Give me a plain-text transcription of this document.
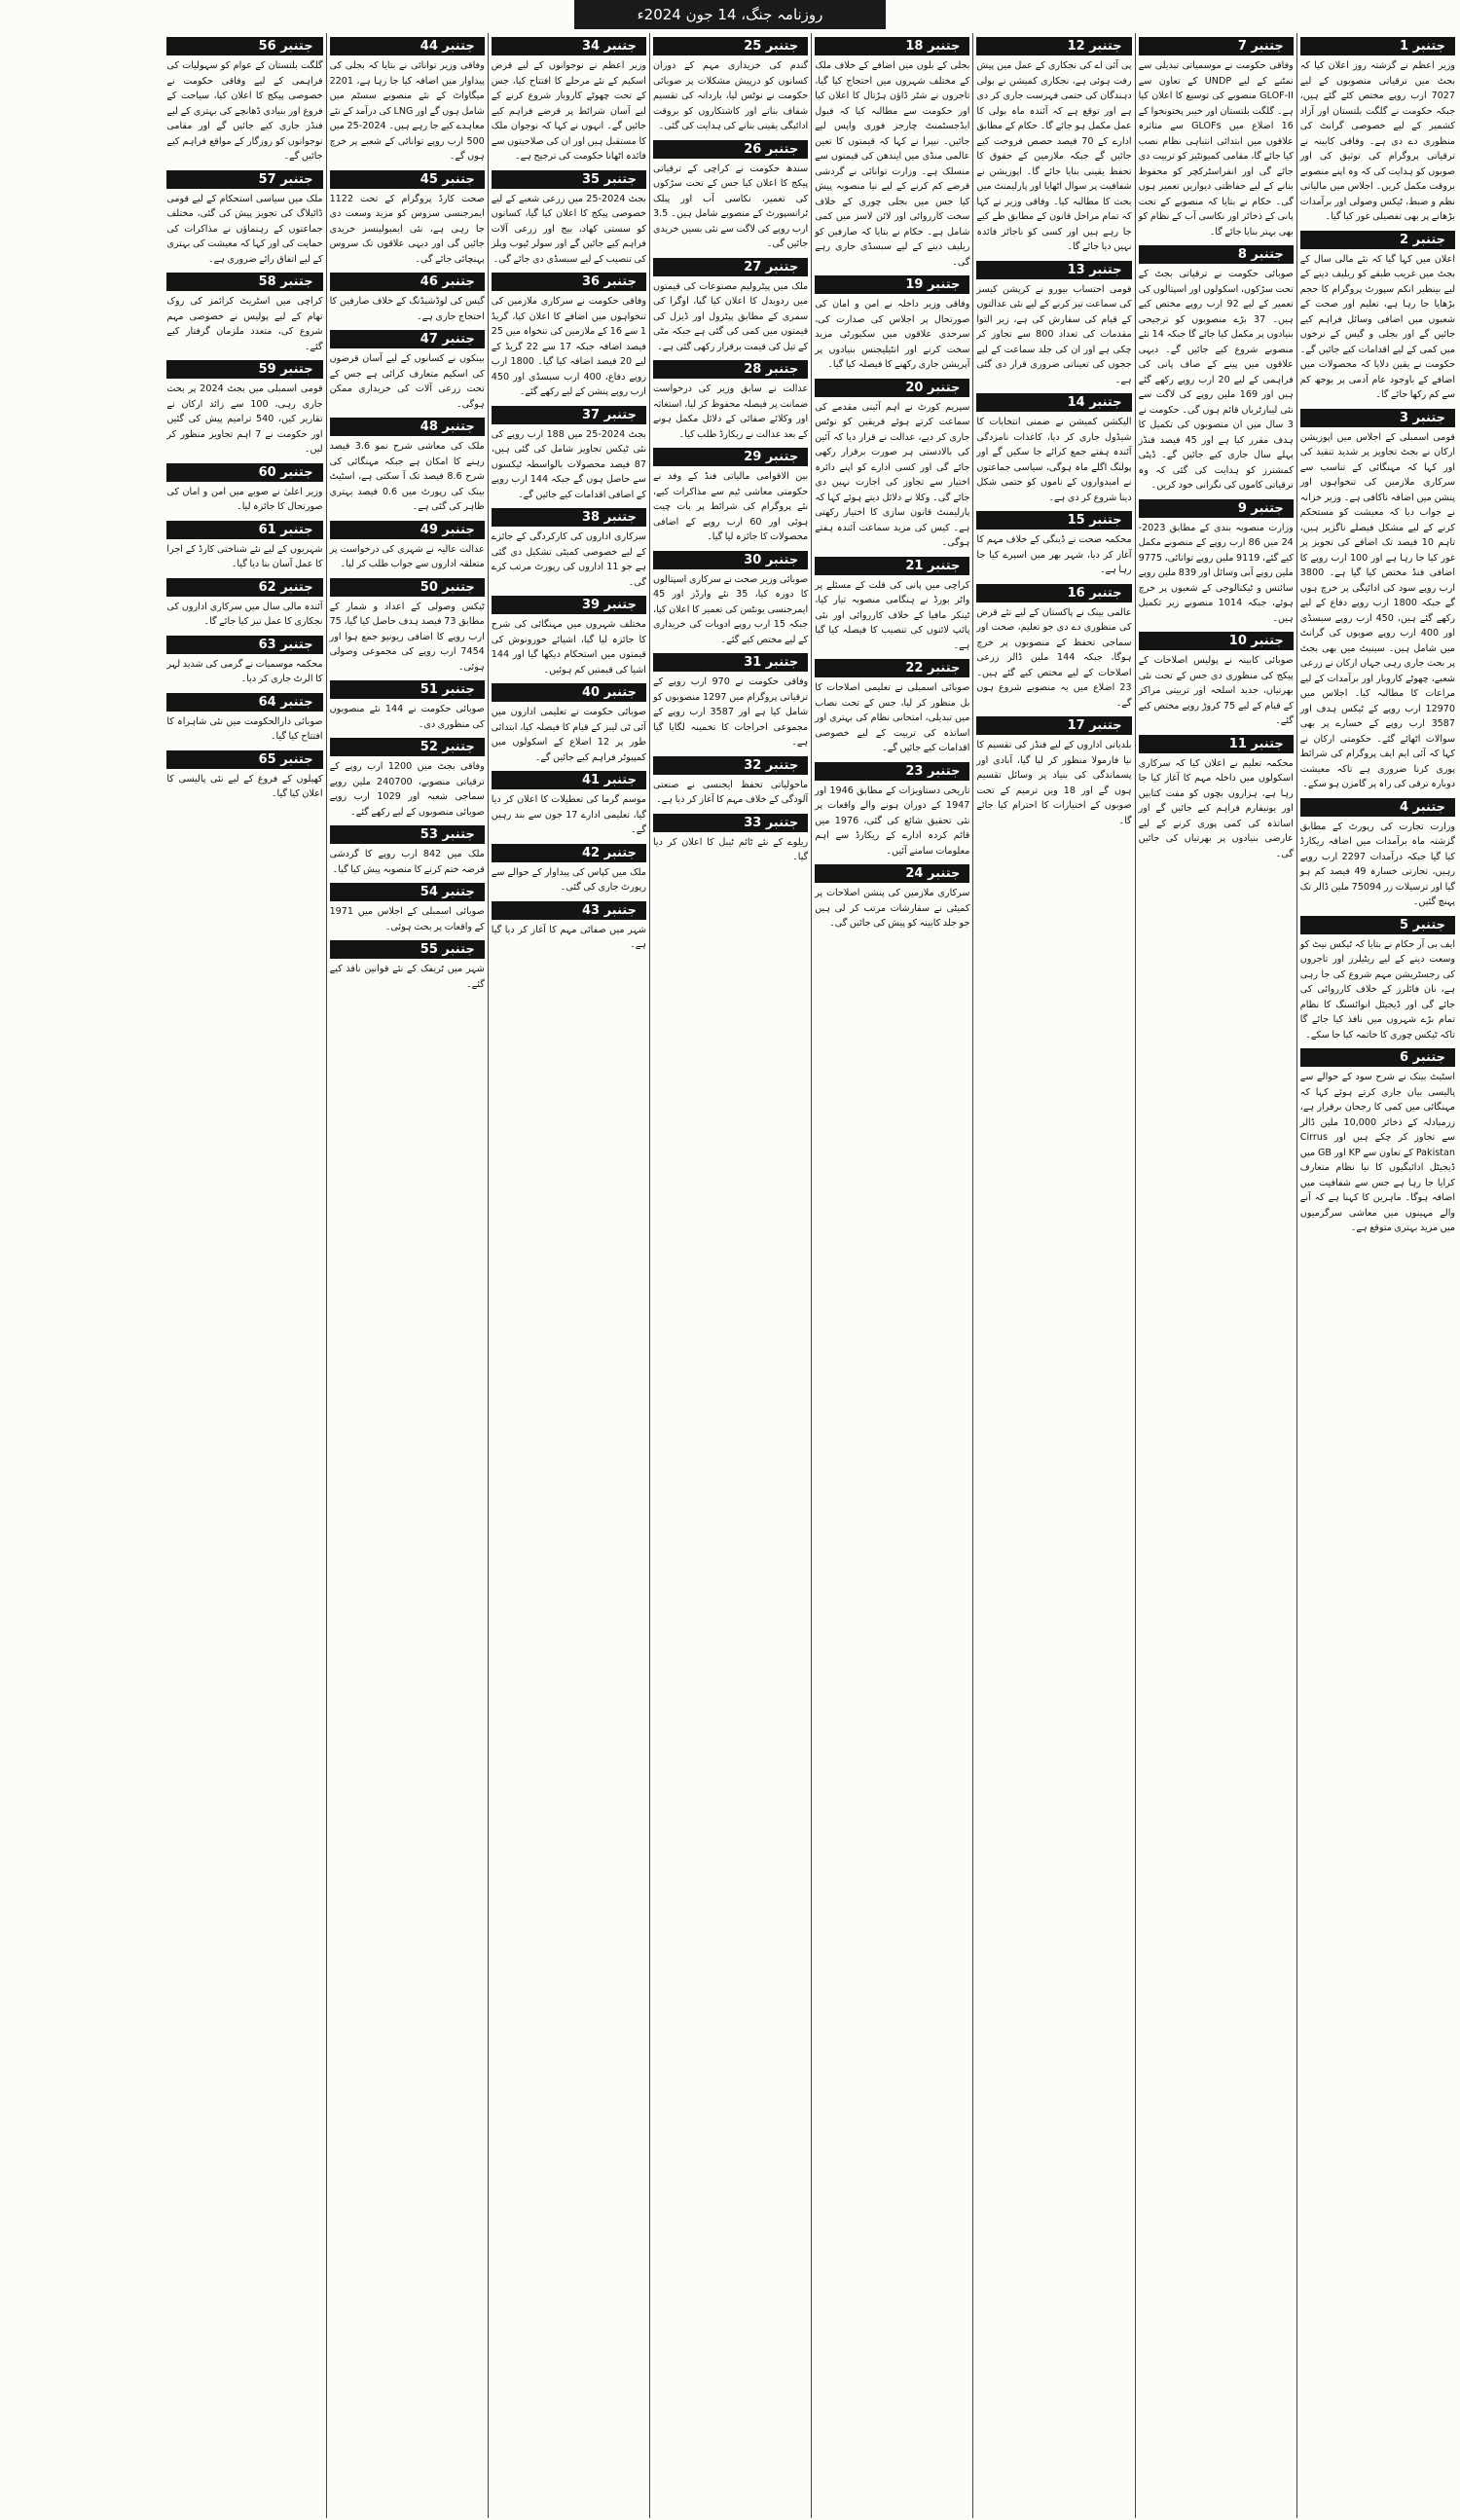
روزنامہ جنگ، 14 جون 2024ء
جتنبر 1
وزیر اعظم نے گزشتہ روز اعلان کیا کہ بجٹ میں ترقیاتی منصوبوں کے لیے 7027 ارب روپے مختص کئے گئے ہیں، جبکہ حکومت نے گلگت بلتستان اور آزاد کشمیر کے لیے خصوصی گرانٹ کی منظوری دے دی ہے۔ وفاقی کابینہ نے ترقیاتی پروگرام کی توثیق کی اور صوبوں کو ہدایت کی کہ وہ اپنے منصوبے بروقت مکمل کریں۔ اجلاس میں مالیاتی نظم و ضبط، ٹیکس وصولی اور برآمدات بڑھانے پر بھی تفصیلی غور کیا گیا۔
جتنبر 2
اعلان میں کہا گیا کہ نئے مالی سال کے بجٹ میں غریب طبقے کو ریلیف دینے کے لیے بینظیر انکم سپورٹ پروگرام کا حجم بڑھایا جا رہا ہے، تعلیم اور صحت کے شعبوں میں اضافی وسائل فراہم کیے جائیں گے اور بجلی و گیس کے نرخوں میں کمی کے لیے اقدامات کیے جائیں گے۔ حکومت نے یقین دلایا کہ محصولات میں اضافے کے باوجود عام آدمی پر بوجھ کم سے کم رکھا جائے گا۔
جتنبر 3
قومی اسمبلی کے اجلاس میں اپوزیشن ارکان نے بجٹ تجاویز پر شدید تنقید کی اور کہا کہ مہنگائی کے تناسب سے سرکاری ملازمین کی تنخواہوں اور پنشن میں اضافہ ناکافی ہے۔ وزیر خزانہ نے جواب دیا کہ معیشت کو مستحکم کرنے کے لیے مشکل فیصلے ناگزیر ہیں، تاہم 10 فیصد تک اضافے کی تجویز پر غور کیا جا رہا ہے اور 100 ارب روپے کا اضافی فنڈ مختص کیا گیا ہے۔ 3800 ارب روپے سود کی ادائیگی پر خرچ ہوں گے جبکہ 1800 ارب روپے دفاع کے لیے رکھے گئے ہیں، 450 ارب روپے سبسڈی اور 400 ارب روپے صوبوں کی گرانٹ میں شامل ہیں۔ سینیٹ میں بھی بجٹ پر بحث جاری رہی جہاں ارکان نے زرعی شعبے، چھوٹے کاروبار اور برآمدات کے لیے مراعات کا مطالبہ کیا۔ اجلاس میں 12970 ارب روپے کے ٹیکس ہدف اور 3587 ارب روپے کے خسارے پر بھی سوالات اٹھائے گئے۔ حکومتی ارکان نے کہا کہ آئی ایم ایف پروگرام کی شرائط پوری کرنا ضروری ہے تاکہ معیشت دوبارہ ترقی کی راہ پر گامزن ہو سکے۔
جتنبر 4
وزارت تجارت کی رپورٹ کے مطابق گزشتہ ماہ برآمدات میں اضافہ ریکارڈ کیا گیا جبکہ درآمدات 2297 ارب روپے رہیں، تجارتی خسارہ 49 فیصد کم ہو گیا اور ترسیلات زر 75094 ملین ڈالر تک پہنچ گئیں۔
جتنبر 5
ایف بی آر حکام نے بتایا کہ ٹیکس نیٹ کو وسعت دینے کے لیے ریٹیلرز اور تاجروں کی رجسٹریشن مہم شروع کی جا رہی ہے، نان فائلرز کے خلاف کارروائی کی جائے گی اور ڈیجیٹل انوائسنگ کا نظام تمام بڑے شہروں میں نافذ کیا جائے گا تاکہ ٹیکس چوری کا خاتمہ کیا جا سکے۔
جتنبر 6
اسٹیٹ بینک نے شرح سود کے حوالے سے پالیسی بیان جاری کرتے ہوئے کہا کہ مہنگائی میں کمی کا رجحان برقرار ہے، زرمبادلہ کے ذخائر 10,000 ملین ڈالر سے تجاوز کر چکے ہیں اور Cirrus Pakistan کے تعاون سے KP اور GB میں ڈیجیٹل ادائیگیوں کا نیا نظام متعارف کرایا جا رہا ہے جس سے شفافیت میں اضافہ ہوگا۔ ماہرین کا کہنا ہے کہ آنے والے مہینوں میں معاشی سرگرمیوں میں مزید بہتری متوقع ہے۔
جتنبر 7
وفاقی حکومت نے موسمیاتی تبدیلی سے نمٹنے کے لیے UNDP کے تعاون سے GLOF-II منصوبے کی توسیع کا اعلان کیا ہے۔ گلگت بلتستان اور خیبر پختونخوا کے 16 اضلاع میں GLOFs سے متاثرہ علاقوں میں ابتدائی انتباہی نظام نصب کیا جائے گا، مقامی کمیونٹیز کو تربیت دی جائے گی اور انفراسٹرکچر کو محفوظ بنانے کے لیے حفاظتی دیواریں تعمیر ہوں گی۔ حکام نے بتایا کہ منصوبے کے تحت پانی کے ذخائر اور نکاسی آب کے نظام کو بھی بہتر بنایا جائے گا۔
جتنبر 8
صوبائی حکومت نے ترقیاتی بجٹ کے تحت سڑکوں، اسکولوں اور اسپتالوں کی تعمیر کے لیے 92 ارب روپے مختص کیے ہیں۔ 37 بڑے منصوبوں کو ترجیحی بنیادوں پر مکمل کیا جائے گا جبکہ 14 نئے منصوبے شروع کیے جائیں گے۔ دیہی علاقوں میں پینے کے صاف پانی کی فراہمی کے لیے 20 ارب روپے رکھے گئے ہیں اور 169 ملین روپے کی لاگت سے نئی لیبارٹریاں قائم ہوں گی۔ حکومت نے 3 سال میں ان منصوبوں کی تکمیل کا ہدف مقرر کیا ہے اور 45 فیصد فنڈز پہلے سال جاری کیے جائیں گے۔ ڈپٹی کمشنرز کو ہدایت کی گئی کہ وہ ترقیاتی کاموں کی نگرانی خود کریں۔
جتنبر 9
وزارت منصوبہ بندی کے مطابق 2023-24 میں 86 ارب روپے کے منصوبے مکمل کیے گئے، 9119 ملین روپے توانائی، 9775 ملین روپے آبی وسائل اور 839 ملین روپے سائنس و ٹیکنالوجی کے شعبوں پر خرچ ہوئے، جبکہ 1014 منصوبے زیر تکمیل ہیں۔
جتنبر 10
صوبائی کابینہ نے پولیس اصلاحات کے پیکج کی منظوری دی جس کے تحت نئی بھرتیاں، جدید اسلحہ اور تربیتی مراکز کے قیام کے لیے 75 کروڑ روپے مختص کیے گئے۔
جتنبر 11
محکمہ تعلیم نے اعلان کیا کہ سرکاری اسکولوں میں داخلہ مہم کا آغاز کیا جا رہا ہے، ہزاروں بچوں کو مفت کتابیں اور یونیفارم فراہم کیے جائیں گے اور اساتذہ کی کمی پوری کرنے کے لیے عارضی بنیادوں پر بھرتیاں کی جائیں گی۔
جتنبر 12
پی آئی اے کی نجکاری کے عمل میں پیش رفت ہوئی ہے، نجکاری کمیشن نے بولی دہندگان کی حتمی فہرست جاری کر دی ہے اور توقع ہے کہ آئندہ ماہ بولی کا عمل مکمل ہو جائے گا۔ حکام کے مطابق ادارے کے 70 فیصد حصص فروخت کیے جائیں گے جبکہ ملازمین کے حقوق کا تحفظ یقینی بنایا جائے گا۔ اپوزیشن نے شفافیت پر سوال اٹھایا اور پارلیمنٹ میں بحث کا مطالبہ کیا۔ وفاقی وزیر نے کہا کہ تمام مراحل قانون کے مطابق طے کیے جا رہے ہیں اور کسی کو ناجائز فائدہ نہیں دیا جائے گا۔
جتنبر 13
قومی احتساب بیورو نے کرپشن کیسز کی سماعت تیز کرنے کے لیے نئی عدالتوں کے قیام کی سفارش کی ہے، زیر التوا مقدمات کی تعداد 800 سے تجاوز کر چکی ہے اور ان کی جلد سماعت کے لیے ججوں کی تعیناتی ضروری قرار دی گئی ہے۔
جتنبر 14
الیکشن کمیشن نے ضمنی انتخابات کا شیڈول جاری کر دیا، کاغذات نامزدگی آئندہ ہفتے جمع کرائے جا سکیں گے اور پولنگ اگلے ماہ ہوگی، سیاسی جماعتوں نے امیدواروں کے ناموں کو حتمی شکل دینا شروع کر دی ہے۔
جتنبر 15
محکمہ صحت نے ڈینگی کے خلاف مہم کا آغاز کر دیا، شہر بھر میں اسپرے کیا جا رہا ہے۔
جتنبر 16
عالمی بینک نے پاکستان کے لیے نئے قرض کی منظوری دے دی جو تعلیم، صحت اور سماجی تحفظ کے منصوبوں پر خرچ ہوگا، جبکہ 144 ملین ڈالر زرعی اصلاحات کے لیے مختص کیے گئے ہیں۔ 23 اضلاع میں یہ منصوبے شروع ہوں گے۔
جتنبر 17
بلدیاتی اداروں کے لیے فنڈز کی تقسیم کا نیا فارمولا منظور کر لیا گیا، آبادی اور پسماندگی کی بنیاد پر وسائل تقسیم ہوں گے اور 18 ویں ترمیم کے تحت صوبوں کے اختیارات کا احترام کیا جائے گا۔
جتنبر 18
بجلی کے بلوں میں اضافے کے خلاف ملک کے مختلف شہروں میں احتجاج کیا گیا، تاجروں نے شٹر ڈاؤن ہڑتال کا اعلان کیا اور حکومت سے مطالبہ کیا کہ فیول ایڈجسٹمنٹ چارجز فوری واپس لیے جائیں۔ نیپرا نے کہا کہ قیمتوں کا تعین عالمی منڈی میں ایندھن کی قیمتوں سے منسلک ہے۔ وزارت توانائی نے گردشی قرضے کم کرنے کے لیے نیا منصوبہ پیش کیا جس میں بجلی چوری کے خلاف سخت کارروائی اور لائن لاسز میں کمی شامل ہے۔ حکام نے بتایا کہ صارفین کو ریلیف دینے کے لیے سبسڈی جاری رہے گی۔
جتنبر 19
وفاقی وزیر داخلہ نے امن و امان کی صورتحال پر اجلاس کی صدارت کی، سرحدی علاقوں میں سکیورٹی مزید سخت کرنے اور انٹیلیجنس بنیادوں پر آپریشن جاری رکھنے کا فیصلہ کیا گیا۔
جتنبر 20
سپریم کورٹ نے اہم آئینی مقدمے کی سماعت کرتے ہوئے فریقین کو نوٹس جاری کر دیے، عدالت نے قرار دیا کہ آئین کی بالادستی ہر صورت برقرار رکھی جائے گی اور کسی ادارے کو اپنے دائرہ اختیار سے تجاوز کی اجازت نہیں دی جائے گی۔ وکلا نے دلائل دیتے ہوئے کہا کہ پارلیمنٹ قانون سازی کا اختیار رکھتی ہے۔ کیس کی مزید سماعت آئندہ ہفتے ہوگی۔
جتنبر 21
کراچی میں پانی کی قلت کے مسئلے پر واٹر بورڈ نے ہنگامی منصوبہ تیار کیا، ٹینکر مافیا کے خلاف کارروائی اور نئی پائپ لائنوں کی تنصیب کا فیصلہ کیا گیا ہے۔
جتنبر 22
صوبائی اسمبلی نے تعلیمی اصلاحات کا بل منظور کر لیا، جس کے تحت نصاب میں تبدیلی، امتحانی نظام کی بہتری اور اساتذہ کی تربیت کے لیے خصوصی اقدامات کیے جائیں گے۔
جتنبر 23
تاریخی دستاویزات کے مطابق 1946 اور 1947 کے دوران ہونے والے واقعات پر نئی تحقیق شائع کی گئی، 1976 میں قائم کردہ ادارے کے ریکارڈ سے اہم معلومات سامنے آئیں۔
جتنبر 24
سرکاری ملازمین کی پنشن اصلاحات پر کمیٹی نے سفارشات مرتب کر لی ہیں جو جلد کابینہ کو پیش کی جائیں گی۔
جتنبر 25
گندم کی خریداری مہم کے دوران کسانوں کو درپیش مشکلات پر صوبائی حکومت نے نوٹس لیا، باردانہ کی تقسیم شفاف بنانے اور کاشتکاروں کو بروقت ادائیگی یقینی بنانے کی ہدایت کی گئی۔
جتنبر 26
سندھ حکومت نے کراچی کے ترقیاتی پیکج کا اعلان کیا جس کے تحت سڑکوں کی تعمیر، نکاسی آب اور پبلک ٹرانسپورٹ کے منصوبے شامل ہیں۔ 3.5 ارب روپے کی لاگت سے نئی بسیں خریدی جائیں گی۔
جتنبر 27
ملک میں پیٹرولیم مصنوعات کی قیمتوں میں ردوبدل کا اعلان کیا گیا، اوگرا کی سمری کے مطابق پیٹرول اور ڈیزل کی قیمتوں میں کمی کی گئی ہے جبکہ مٹی کے تیل کی قیمت برقرار رکھی گئی ہے۔
جتنبر 28
عدالت نے سابق وزیر کی درخواست ضمانت پر فیصلہ محفوظ کر لیا، استغاثہ اور وکلائے صفائی کے دلائل مکمل ہونے کے بعد عدالت نے ریکارڈ طلب کیا۔
جتنبر 29
بین الاقوامی مالیاتی فنڈ کے وفد نے حکومتی معاشی ٹیم سے مذاکرات کیے، نئے پروگرام کی شرائط پر بات چیت ہوئی اور 60 ارب روپے کے اضافی محصولات کا جائزہ لیا گیا۔
جتنبر 30
صوبائی وزیر صحت نے سرکاری اسپتالوں کا دورہ کیا، 35 نئے وارڈز اور 45 ایمرجنسی یونٹس کی تعمیر کا اعلان کیا، جبکہ 15 ارب روپے ادویات کی خریداری کے لیے مختص کیے گئے۔
جتنبر 31
وفاقی حکومت نے 970 ارب روپے کے ترقیاتی پروگرام میں 1297 منصوبوں کو شامل کیا ہے اور 3587 ارب روپے کے مجموعی اخراجات کا تخمینہ لگایا گیا ہے۔
جتنبر 32
ماحولیاتی تحفظ ایجنسی نے صنعتی آلودگی کے خلاف مہم کا آغاز کر دیا ہے۔
جتنبر 33
ریلوے کے نئے ٹائم ٹیبل کا اعلان کر دیا گیا۔
جتنبر 34
وزیر اعظم نے نوجوانوں کے لیے قرض اسکیم کے نئے مرحلے کا افتتاح کیا، جس کے تحت چھوٹے کاروبار شروع کرنے کے لیے آسان شرائط پر قرضے فراہم کیے جائیں گے۔ انہوں نے کہا کہ نوجوان ملک کا مستقبل ہیں اور ان کی صلاحیتوں سے فائدہ اٹھانا حکومت کی ترجیح ہے۔
جتنبر 35
بجٹ 2024-25 میں زرعی شعبے کے لیے خصوصی پیکج کا اعلان کیا گیا، کسانوں کو سستی کھاد، بیج اور زرعی آلات فراہم کیے جائیں گے اور سولر ٹیوب ویلز کی تنصیب کے لیے سبسڈی دی جائے گی۔
جتنبر 36
وفاقی حکومت نے سرکاری ملازمین کی تنخواہوں میں اضافے کا اعلان کیا، گریڈ 1 سے 16 کے ملازمین کی تنخواہ میں 25 فیصد اضافہ جبکہ 17 سے 22 گریڈ کے لیے 20 فیصد اضافہ کیا گیا۔ 1800 ارب روپے دفاع، 400 ارب سبسڈی اور 450 ارب روپے پنشن کے لیے رکھے گئے۔
جتنبر 37
بجٹ 2024-25 میں 188 ارب روپے کی نئی ٹیکس تجاویز شامل کی گئی ہیں، 87 فیصد محصولات بالواسطہ ٹیکسوں سے حاصل ہوں گے جبکہ 144 ارب روپے کے اضافی اقدامات کیے جائیں گے۔
جتنبر 38
سرکاری اداروں کی کارکردگی کے جائزے کے لیے خصوصی کمیٹی تشکیل دی گئی ہے جو 11 اداروں کی رپورٹ مرتب کرے گی۔
جتنبر 39
مختلف شہروں میں مہنگائی کی شرح کا جائزہ لیا گیا، اشیائے خورونوش کی قیمتوں میں استحکام دیکھا گیا اور 144 اشیا کی قیمتیں کم ہوئیں۔
جتنبر 40
صوبائی حکومت نے تعلیمی اداروں میں آئی ٹی لیبز کے قیام کا فیصلہ کیا، ابتدائی طور پر 12 اضلاع کے اسکولوں میں کمپیوٹر فراہم کیے جائیں گے۔
جتنبر 41
موسم گرما کی تعطیلات کا اعلان کر دیا گیا، تعلیمی ادارے 17 جون سے بند رہیں گے۔
جتنبر 42
ملک میں کپاس کی پیداوار کے حوالے سے رپورٹ جاری کی گئی۔
جتنبر 43
شہر میں صفائی مہم کا آغاز کر دیا گیا ہے۔
جتنبر 44
وفاقی وزیر توانائی نے بتایا کہ بجلی کی پیداوار میں اضافہ کیا جا رہا ہے، 2201 میگاواٹ کے نئے منصوبے سسٹم میں شامل ہوں گے اور LNG کی درآمد کے نئے معاہدے کیے جا رہے ہیں۔ 2024-25 میں 500 ارب روپے توانائی کے شعبے پر خرچ ہوں گے۔
جتنبر 45
صحت کارڈ پروگرام کے تحت 1122 ایمرجنسی سروس کو مزید وسعت دی جا رہی ہے، نئی ایمبولینسز خریدی جائیں گی اور دیہی علاقوں تک سروس پہنچائی جائے گی۔
جتنبر 46
گیس کی لوڈشیڈنگ کے خلاف صارفین کا احتجاج جاری ہے۔
جتنبر 47
بینکوں نے کسانوں کے لیے آسان قرضوں کی اسکیم متعارف کرائی ہے جس کے تحت زرعی آلات کی خریداری ممکن ہوگی۔
جتنبر 48
ملک کی معاشی شرح نمو 3.6 فیصد رہنے کا امکان ہے جبکہ مہنگائی کی شرح 8.6 فیصد تک آ سکتی ہے، اسٹیٹ بینک کی رپورٹ میں 0.6 فیصد بہتری ظاہر کی گئی ہے۔
جتنبر 49
عدالت عالیہ نے شہری کی درخواست پر متعلقہ اداروں سے جواب طلب کر لیا۔
جتنبر 50
ٹیکس وصولی کے اعداد و شمار کے مطابق 73 فیصد ہدف حاصل کیا گیا، 75 ارب روپے کا اضافی ریونیو جمع ہوا اور 7454 ارب روپے کی مجموعی وصولی ہوئی۔
جتنبر 51
صوبائی حکومت نے 144 نئے منصوبوں کی منظوری دی۔
جتنبر 52
وفاقی بجٹ میں 1200 ارب روپے کے ترقیاتی منصوبے، 240700 ملین روپے سماجی شعبہ اور 1029 ارب روپے صوبائی منصوبوں کے لیے رکھے گئے۔
جتنبر 53
ملک میں 842 ارب روپے کا گردشی قرضہ ختم کرنے کا منصوبہ پیش کیا گیا۔
جتنبر 54
صوبائی اسمبلی کے اجلاس میں 1971 کے واقعات پر بحث ہوئی۔
جتنبر 55
شہر میں ٹریفک کے نئے قوانین نافذ کیے گئے۔
جتنبر 56
گلگت بلتستان کے عوام کو سہولیات کی فراہمی کے لیے وفاقی حکومت نے خصوصی پیکج کا اعلان کیا، سیاحت کے فروغ اور بنیادی ڈھانچے کی بہتری کے لیے فنڈز جاری کیے جائیں گے اور مقامی نوجوانوں کو روزگار کے مواقع فراہم کیے جائیں گے۔
جتنبر 57
ملک میں سیاسی استحکام کے لیے قومی ڈائیلاگ کی تجویز پیش کی گئی، مختلف جماعتوں کے رہنماؤں نے مذاکرات کی حمایت کی اور کہا کہ معیشت کی بہتری کے لیے اتفاق رائے ضروری ہے۔
جتنبر 58
کراچی میں اسٹریٹ کرائمز کی روک تھام کے لیے پولیس نے خصوصی مہم شروع کی، متعدد ملزمان گرفتار کیے گئے۔
جتنبر 59
قومی اسمبلی میں بجٹ 2024 پر بحث جاری رہی، 100 سے زائد ارکان نے تقاریر کیں، 540 ترامیم پیش کی گئیں اور حکومت نے 7 اہم تجاویز منظور کر لیں۔
جتنبر 60
وزیر اعلیٰ نے صوبے میں امن و امان کی صورتحال کا جائزہ لیا۔
جتنبر 61
شہریوں کے لیے نئے شناختی کارڈ کے اجرا کا عمل آسان بنا دیا گیا۔
جتنبر 62
آئندہ مالی سال میں سرکاری اداروں کی نجکاری کا عمل تیز کیا جائے گا۔
جتنبر 63
محکمہ موسمیات نے گرمی کی شدید لہر کا الرٹ جاری کر دیا۔
جتنبر 64
صوبائی دارالحکومت میں نئی شاہراہ کا افتتاح کیا گیا۔
جتنبر 65
کھیلوں کے فروغ کے لیے نئی پالیسی کا اعلان کیا گیا۔
